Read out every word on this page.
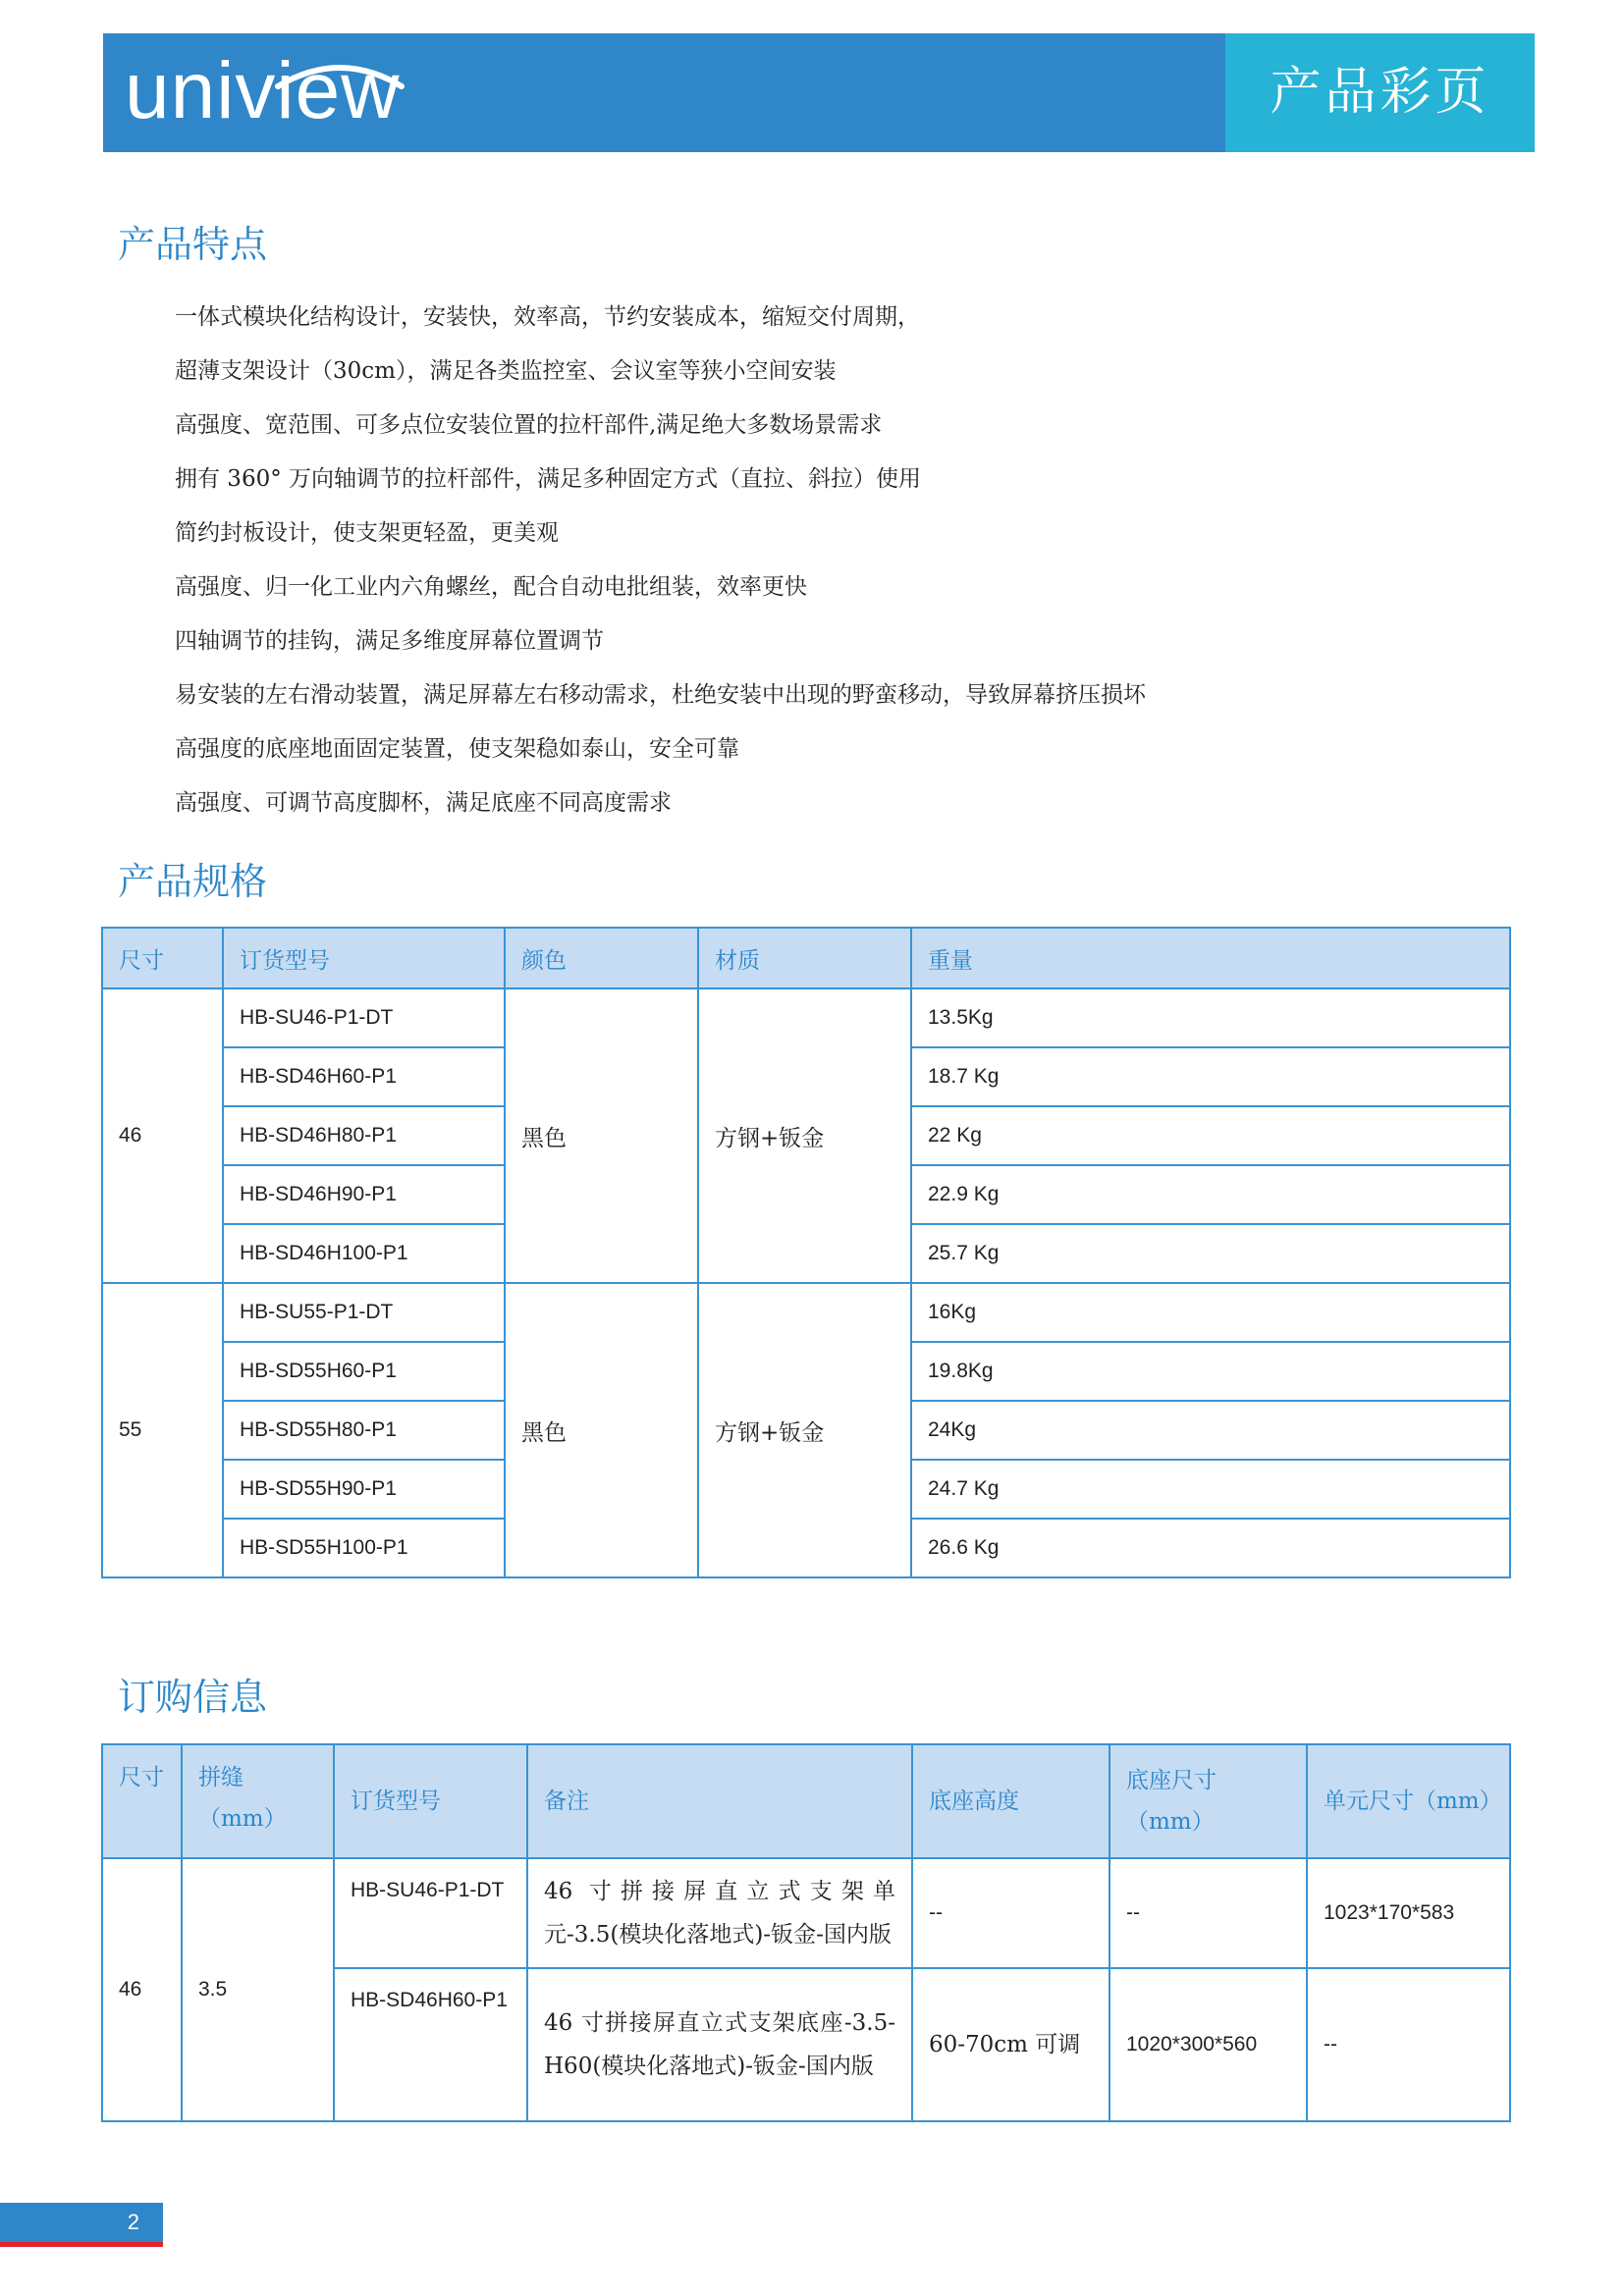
uniview	产品彩页
产品特点
一体式模块化结构设计，安装快，效率高，节约安装成本，缩短交付周期，
超薄支架设计（30cm），满足各类监控室、会议室等狭小空间安装
高强度、宽范围、可多点位安装位置的拉杆部件,满足绝大多数场景需求
拥有 360° 万向轴调节的拉杆部件，满足多种固定方式（直拉、斜拉）使用
简约封板设计，使支架更轻盈，更美观
高强度、归一化工业内六角螺丝，配合自动电批组装，效率更快
四轴调节的挂钩，满足多维度屏幕位置调节
易安装的左右滑动装置，满足屏幕左右移动需求，杜绝安装中出现的野蛮移动，导致屏幕挤压损坏
高强度的底座地面固定装置，使支架稳如泰山，安全可靠
高强度、可调节高度脚杯，满足底座不同高度需求
产品规格
尺寸	订货型号	颜色	材质	重量
46	HB-SU46-P1-DT	黑色	方钢+钣金	13.5Kg
	HB-SD46H60-P1			18.7 Kg
	HB-SD46H80-P1			22 Kg
	HB-SD46H90-P1			22.9 Kg
	HB-SD46H100-P1			25.7 Kg
55	HB-SU55-P1-DT	黑色	方钢+钣金	16Kg
	HB-SD55H60-P1			19.8Kg
	HB-SD55H80-P1			24Kg
	HB-SD55H90-P1			24.7 Kg
	HB-SD55H100-P1			26.6 Kg
订购信息
尺寸	拼缝（mm）	订货型号	备注	底座高度	底座尺寸（mm）	单元尺寸（mm）
46	3.5	HB-SU46-P1-DT	46 寸拼接屏直立式支架单元-3.5(模块化落地式)-钣金-国内版	--	--	1023*170*583
		HB-SD46H60-P1	46 寸拼接屏直立式支架底座-3.5-H60(模块化落地式)-钣金-国内版	60-70cm 可调	1020*300*560	--
2
